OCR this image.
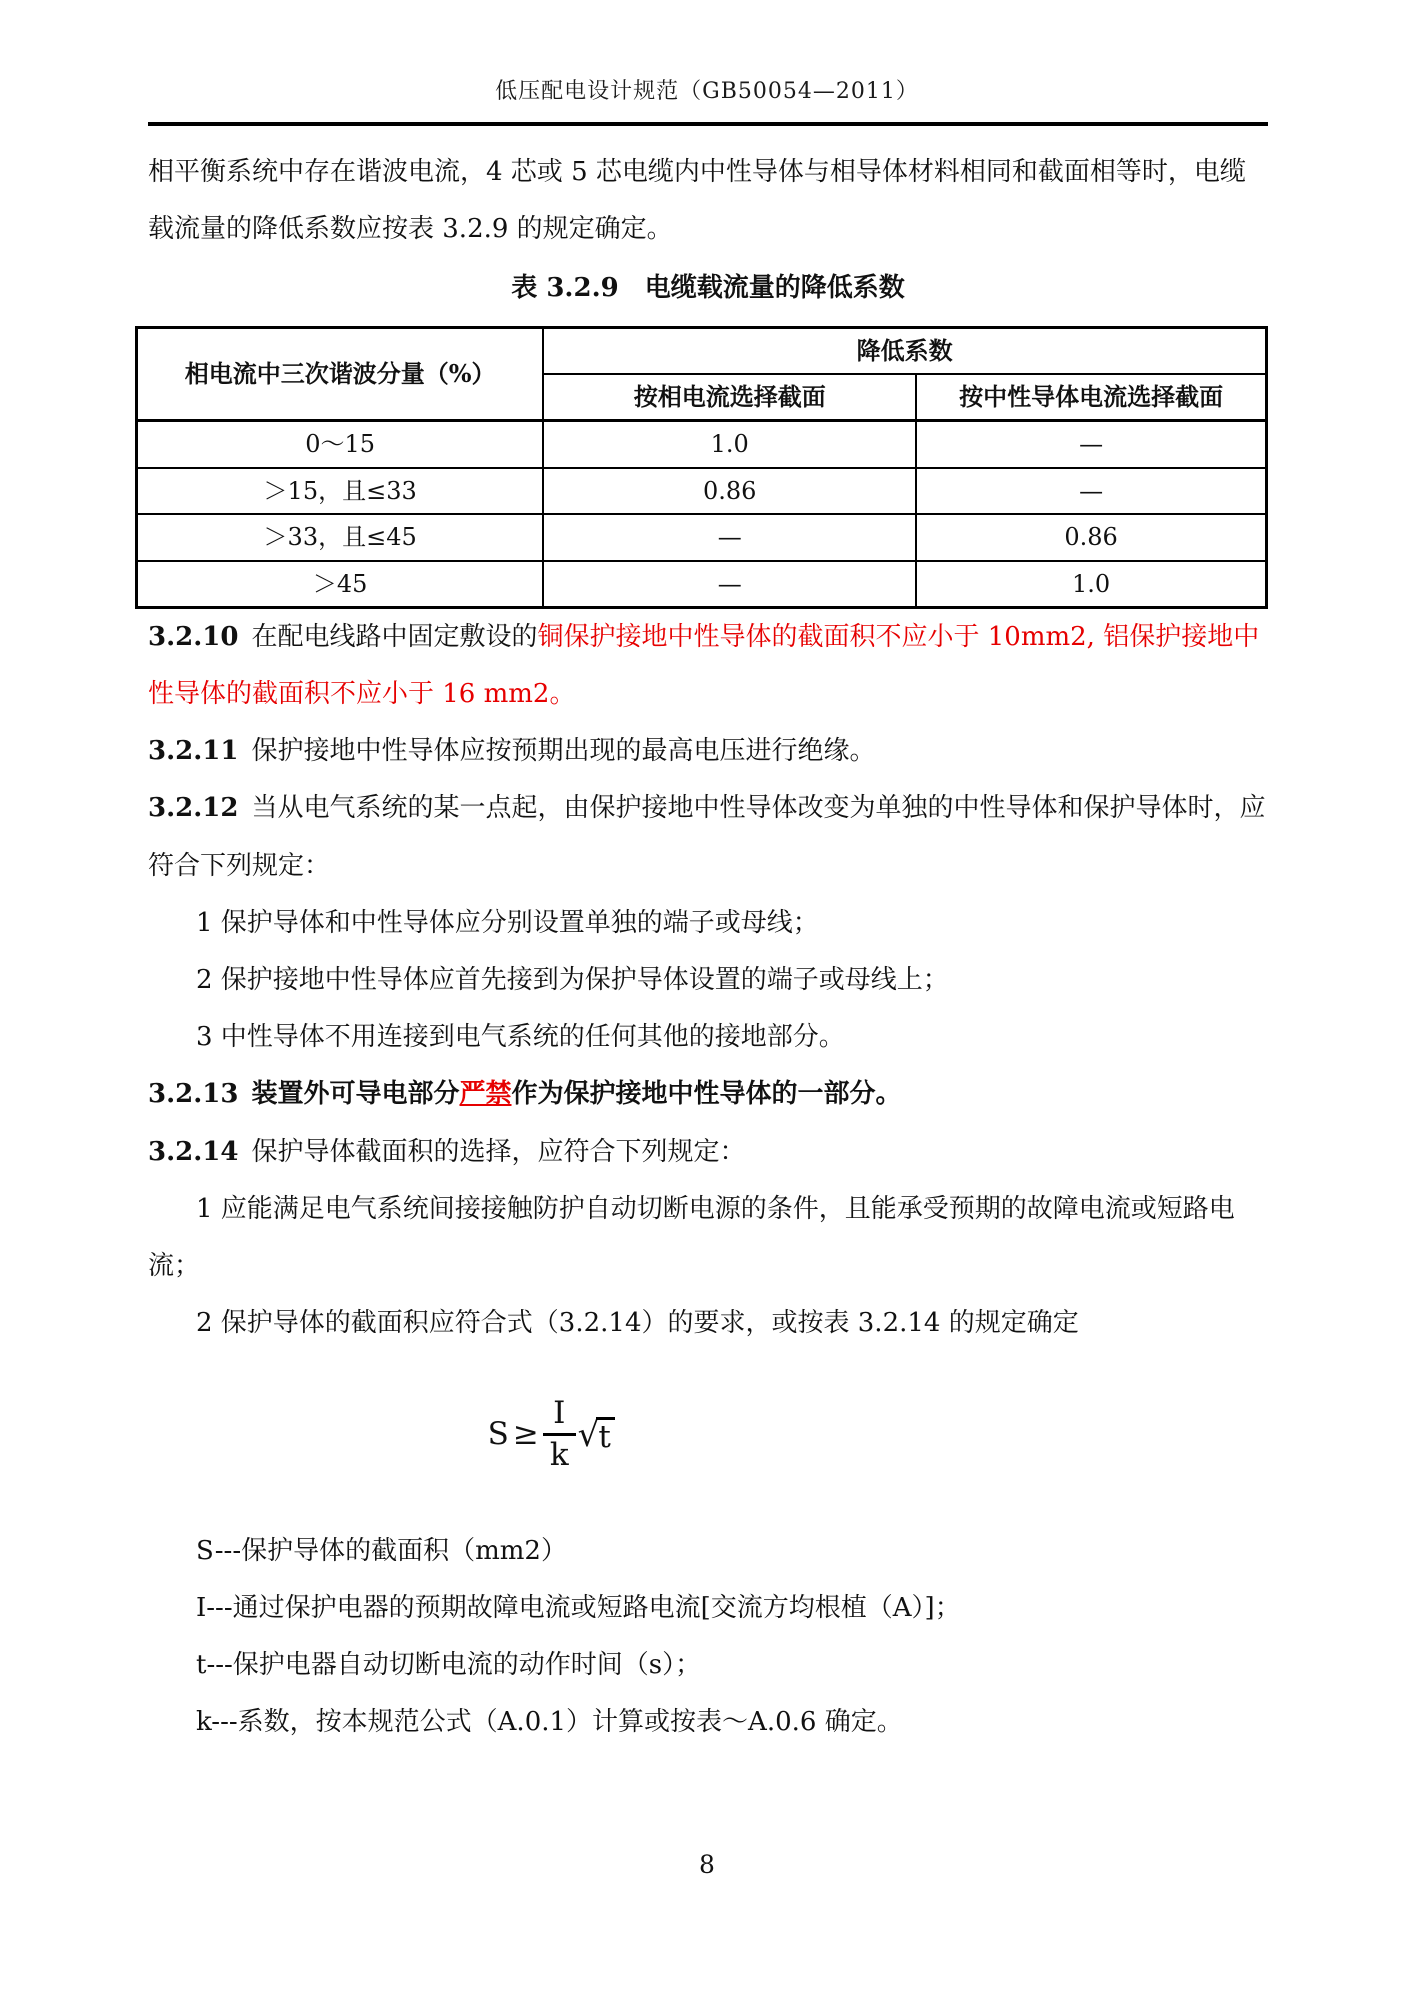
低压配电设计规范（GB50054—2011）

相平衡系统中存在谐波电流，4 芯或 5 芯电缆内中性导体与相导体材料相同和截面相等时，电缆载流量的降低系数应按表 3.2.9 的规定确定。

表 3.2.9　电缆载流量的降低系数
相电流中三次谐波分量（%）	降低系数	
	按相电流选择截面	按中性导体电流选择截面
0～15	1.0	—
＞15，且≤33	0.86	—
＞33，且≤45	—	0.86
＞45	—	1.0

3.2.10 在配电线路中固定敷设的铜保护接地中性导体的截面积不应小于 10mm2, 铝保护接地中性导体的截面积不应小于 16 mm2。

3.2.11 保护接地中性导体应按预期出现的最高电压进行绝缘。

3.2.12 当从电气系统的某一点起，由保护接地中性导体改变为单独的中性导体和保护导体时，应符合下列规定：

1 保护导体和中性导体应分别设置单独的端子或母线；

2 保护接地中性导体应首先接到为保护导体设置的端子或母线上；

3 中性导体不用连接到电气系统的任何其他的接地部分。

3.2.13 装置外可导电部分严禁作为保护接地中性导体的一部分。

3.2.14 保护导体截面积的选择，应符合下列规定：

1 应能满足电气系统间接接触防护自动切断电源的条件，且能承受预期的故障电流或短路电流；

2 保护导体的截面积应符合式（3.2.14）的要求，或按表 3.2.14 的规定确定

$S \ge \frac{I}{k} √t$

S---保护导体的截面积（mm2）

I---通过保护电器的预期故障电流或短路电流[交流方均根植（A）]；

t---保护电器自动切断电流的动作时间（s）；

k---系数，按本规范公式（A.0.1）计算或按表～A.0.6 确定。

8
